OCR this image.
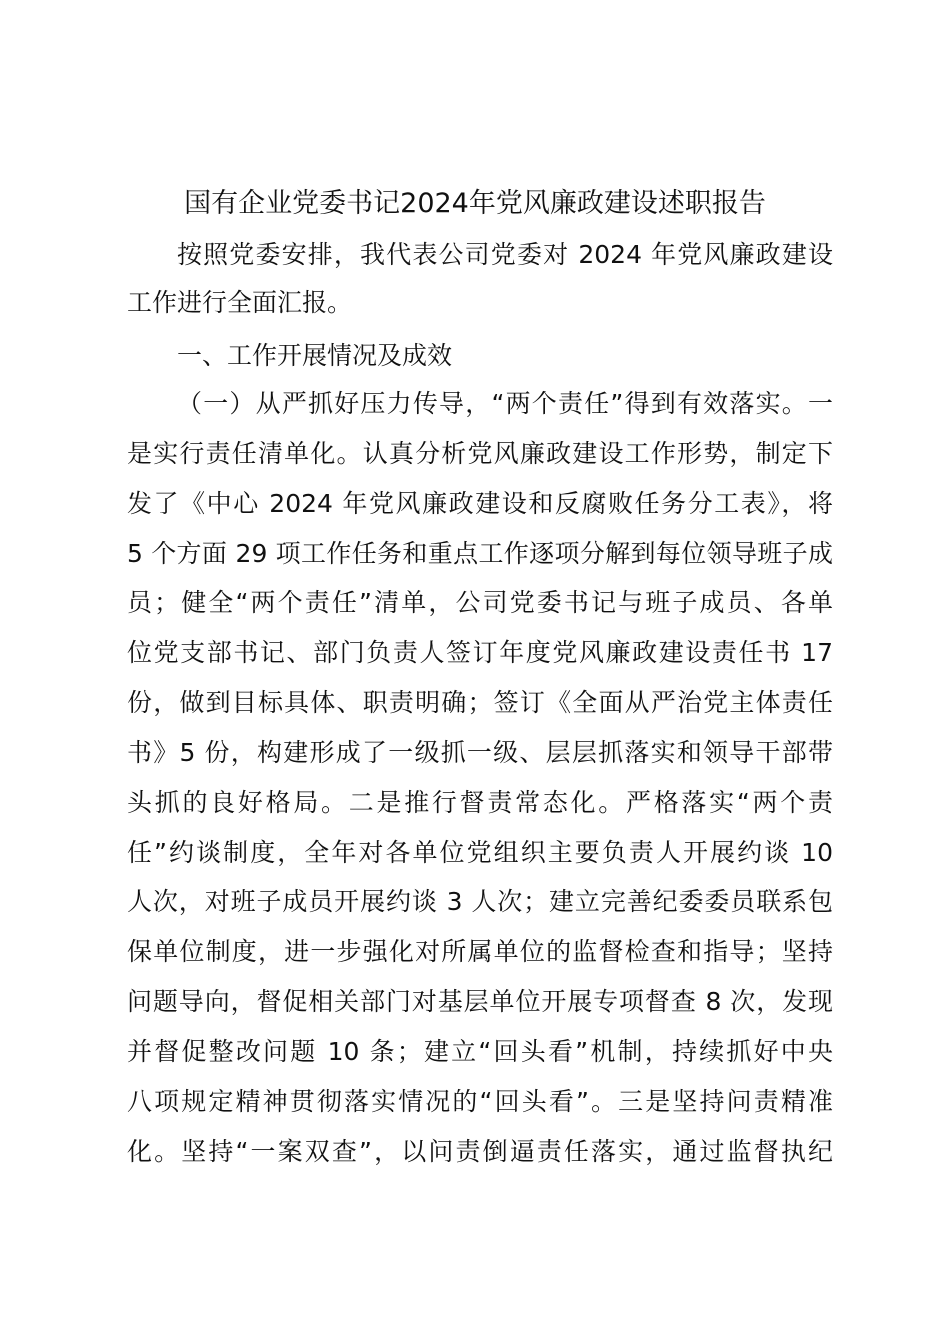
国有企业党委书记2024年党风廉政建设述职报告
按照党委安排，我代表公司党委对 2024 年党风廉政建设
工作进行全面汇报。
一、工作开展情况及成效
（一）从严抓好压力传导，“两个责任”得到有效落实。一
是实行责任清单化。认真分析党风廉政建设工作形势，制定下
发了《中心 2024 年党风廉政建设和反腐败任务分工表》，将
5 个方面 29 项工作任务和重点工作逐项分解到每位领导班子成
员；健全“两个责任”清单，公司党委书记与班子成员、各单
位党支部书记、部门负责人签订年度党风廉政建设责任书 17
份，做到目标具体、职责明确；签订《全面从严治党主体责任
书》5 份，构建形成了一级抓一级、层层抓落实和领导干部带
头抓的良好格局。二是推行督责常态化。严格落实“两个责
任”约谈制度，全年对各单位党组织主要负责人开展约谈 10
人次，对班子成员开展约谈 3 人次；建立完善纪委委员联系包
保单位制度，进一步强化对所属单位的监督检查和指导；坚持
问题导向，督促相关部门对基层单位开展专项督查 8 次，发现
并督促整改问题 10 条；建立“回头看”机制，持续抓好中央
八项规定精神贯彻落实情况的“回头看”。三是坚持问责精准
化。坚持“一案双查”，以问责倒逼责任落实，通过监督执纪
